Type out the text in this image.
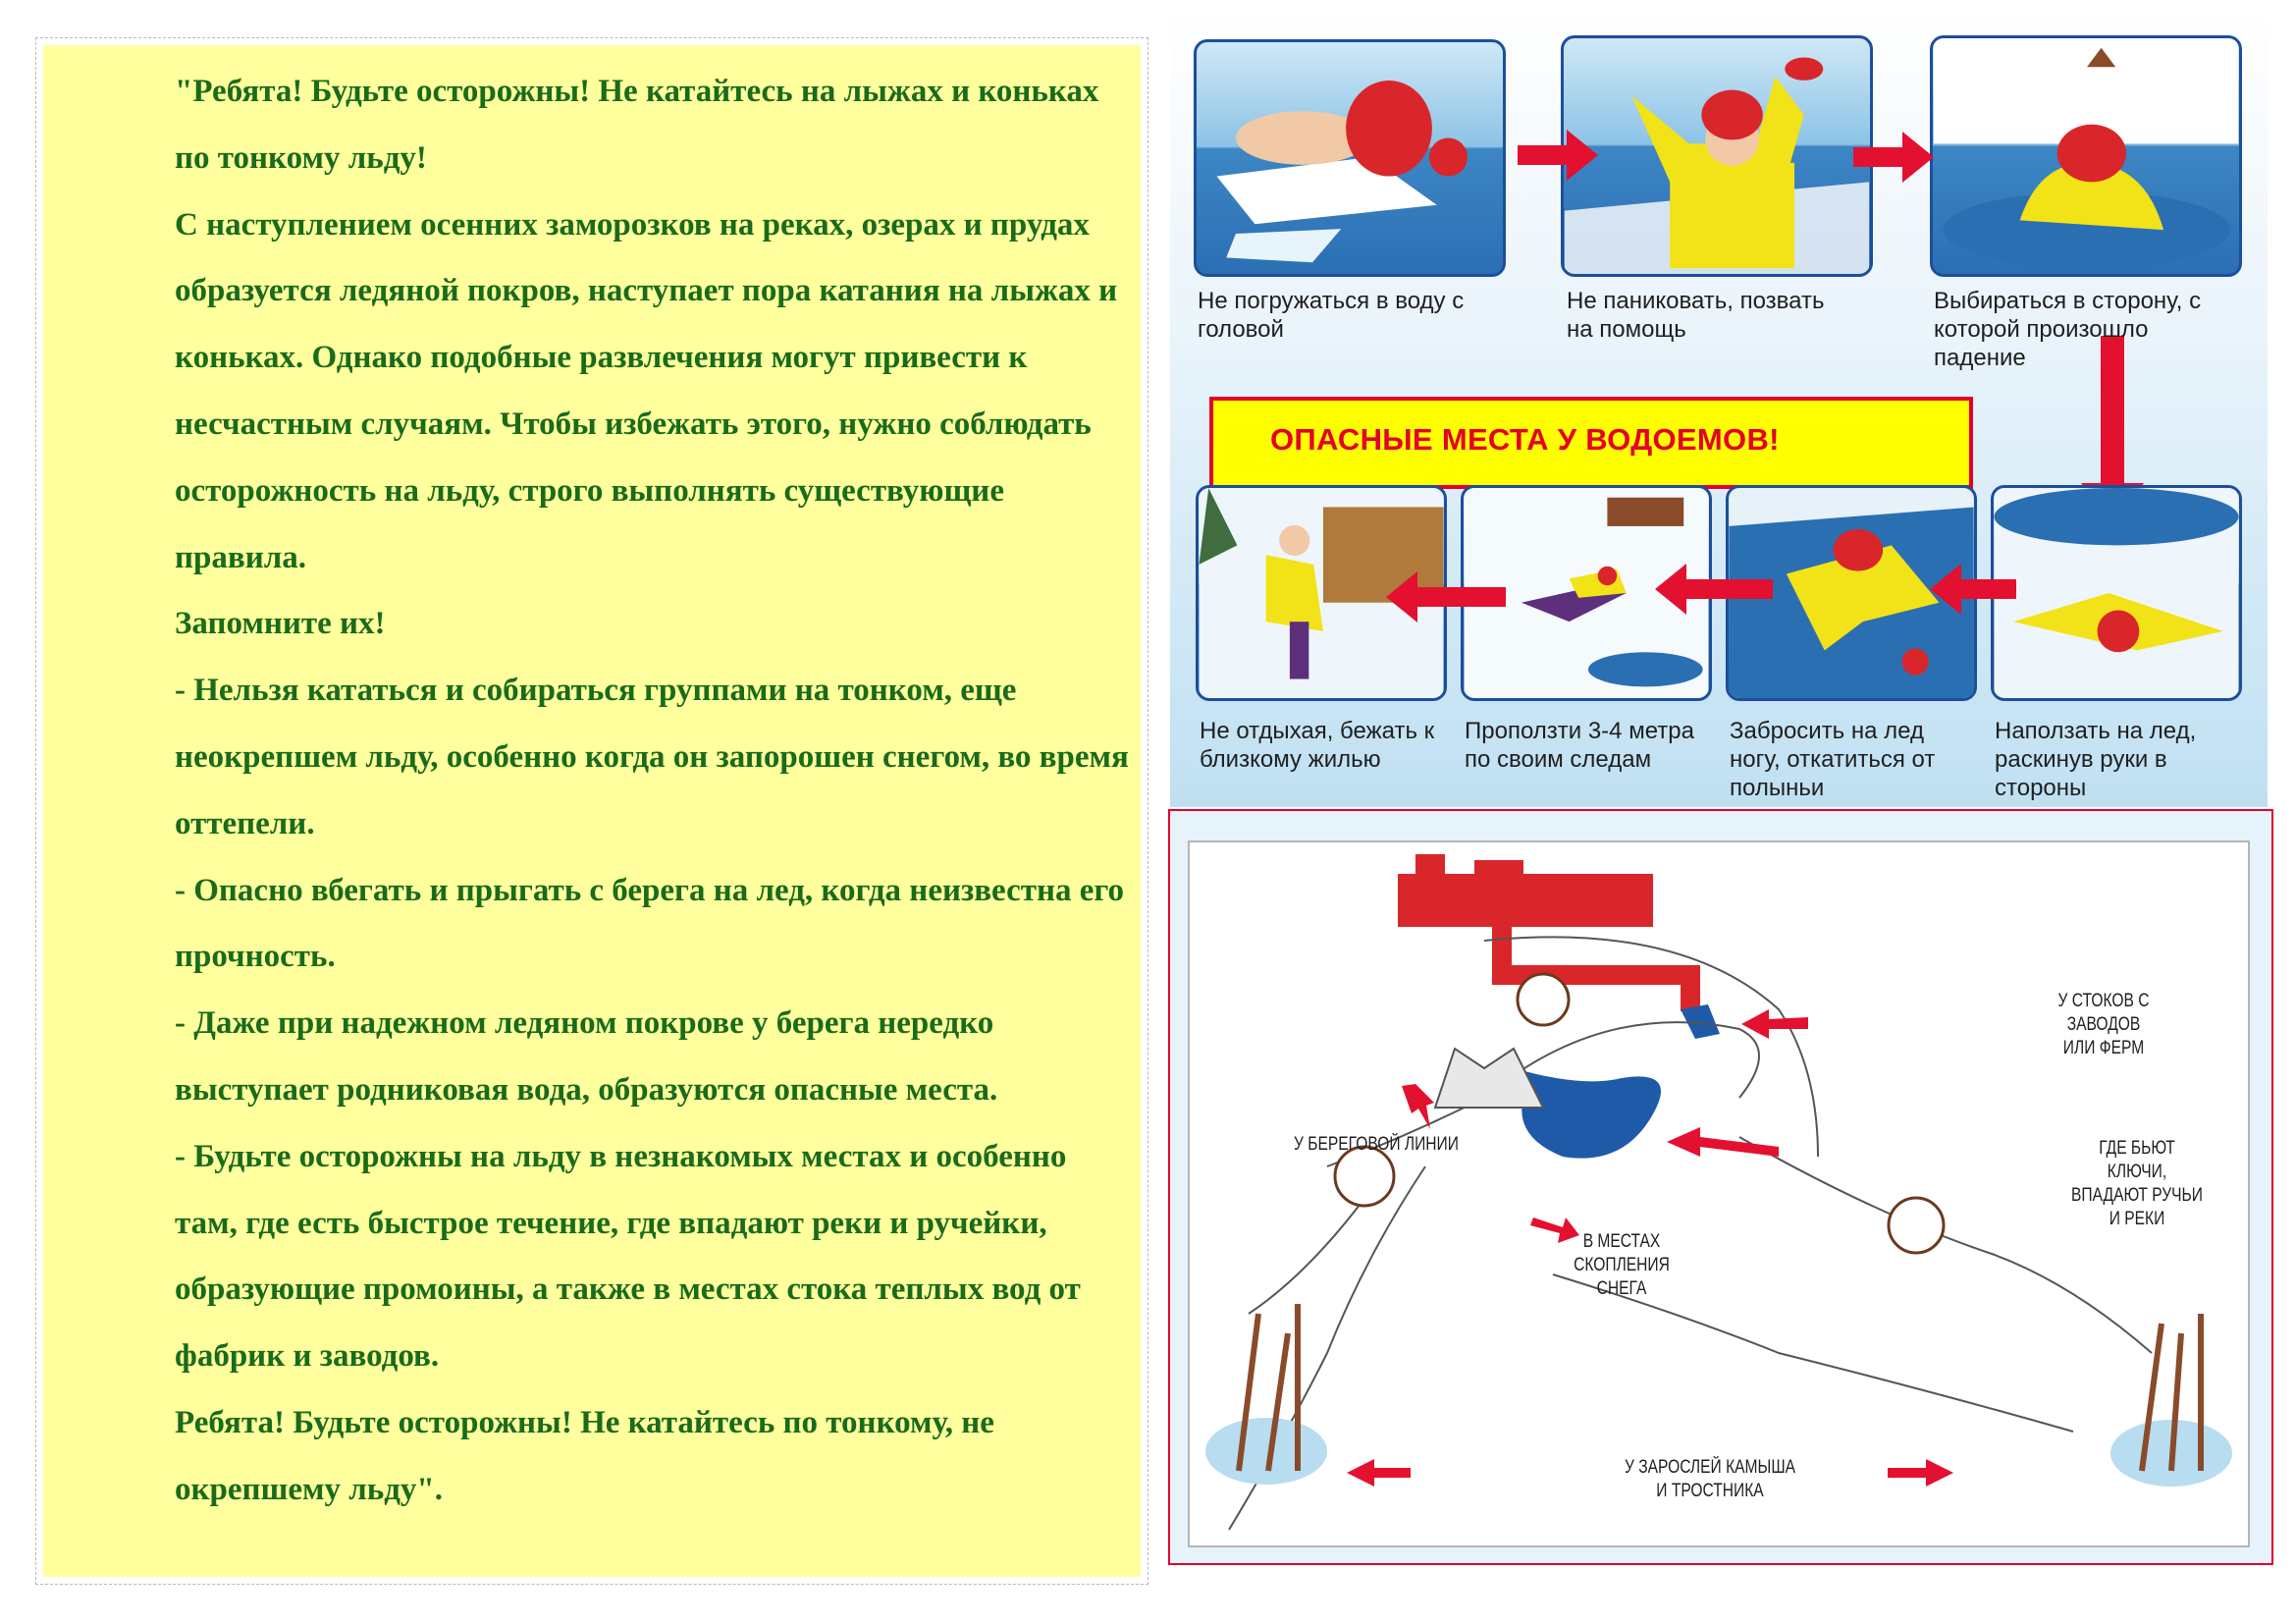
"Ребята! Будьте осторожны! Не катайтесь на лыжах и коньках по тонкому льду!

С наступлением осенних заморозков на реках, озерах и прудах образуется ледяной покров, наступает пора катания на лыжах и коньках. Однако подобные развлечения могут привести к несчастным случаям. Чтобы избежать этого, нужно соблюдать осторожность на льду, строго выполнять существующие правила.

Запомните их!

- Нельзя кататься и собираться группами на тонком, еще неокрепшем льду, особенно когда он запорошен снегом, во время оттепели.

- Опасно вбегать и прыгать с берега на лед, когда неизвестна его прочность.

- Даже при надежном ледяном покрове у берега нередко выступает родниковая вода, образуются опасные места.

- Будьте осторожны на льду в незнакомых местах и особенно там, где есть быстрое течение, где впадают реки и ручейки, образующие промоины, а также в местах стока теплых вод от фабрик и заводов.

Ребята! Будьте осторожны! Не катайтесь по тонкому, не окрепшему льду".

Не погружаться в воду с головой
Не паниковать, позвать на помощь
Выбираться в сторону, с которой произошло падение
ОПАСНЫЕ МЕСТА У ВОДОЕМОВ!
Не отдыхая, бежать к близкому жилью
Проползти 3-4 метра по своим следам
Забросить на лед ногу, откатиться от полыньи
Наползать на лед, раскинув руки в стороны
У СТОКОВ С ЗАВОДОВ ИЛИ ФЕРМ
ГДЕ БЬЮТ КЛЮЧИ, ВПАДАЮТ РУЧЬИ И РЕКИ
У БЕРЕГОВОЙ ЛИНИИ
В МЕСТАХ СКОПЛЕНИЯ СНЕГА
У ЗАРОСЛЕЙ КАМЫША И ТРОСТНИКА
